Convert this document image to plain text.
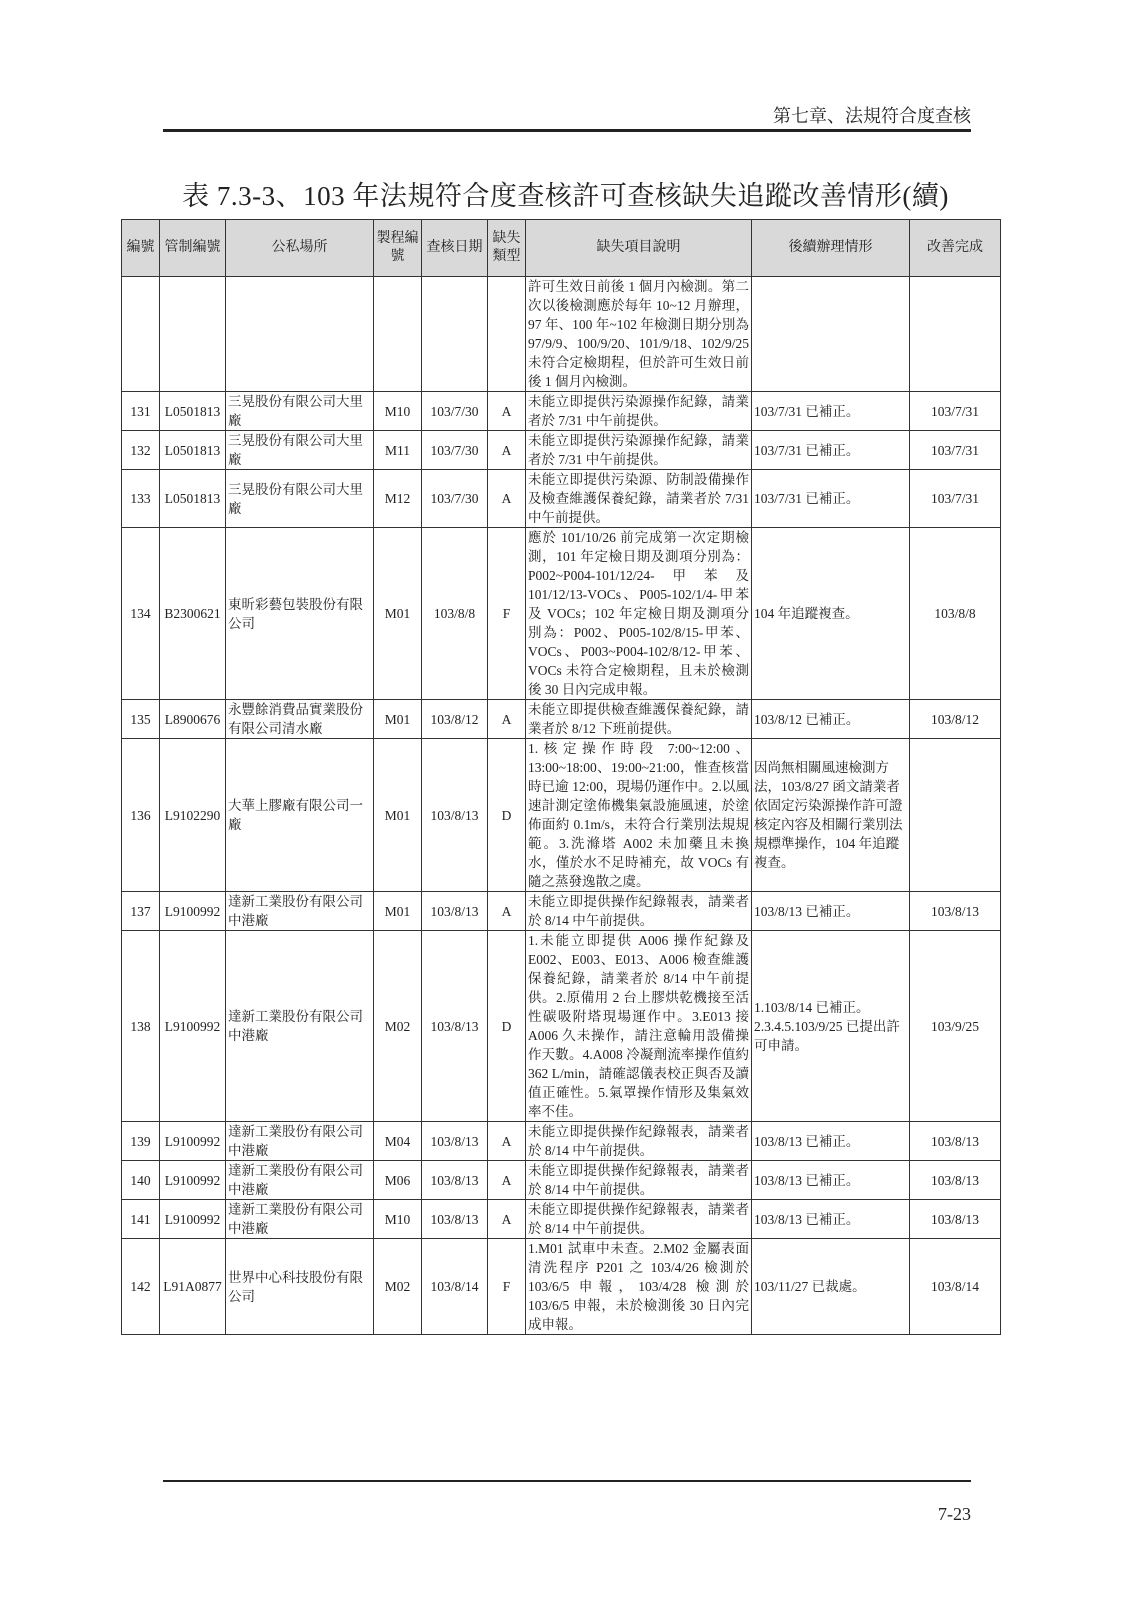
第七章、法規符合度查核
表 7.3-3、103 年法規符合度查核許可查核缺失追蹤改善情形(續)
編號	管制編號	公私場所	製程編號	查核日期	缺失類型	缺失項目說明	後續辦理情形	改善完成
						許可生效日前後 1 個月內檢測。第二次以後檢測應於每年 10~12 月辦理，97 年、100 年~102 年檢測日期分別為 97/9/9、100/9/20、101/9/18、102/9/25 未符合定檢期程，但於許可生效日前後 1 個月內檢測。		
131	L0501813	三晃股份有限公司大里廠	M10	103/7/30	A	未能立即提供污染源操作紀錄，請業者於 7/31 中午前提供。	103/7/31 已補正。	103/7/31
132	L0501813	三晃股份有限公司大里廠	M11	103/7/30	A	未能立即提供污染源操作紀錄，請業者於 7/31 中午前提供。	103/7/31 已補正。	103/7/31
133	L0501813	三晃股份有限公司大里廠	M12	103/7/30	A	未能立即提供污染源、防制設備操作及檢查維護保養紀錄，請業者於 7/31 中午前提供。	103/7/31 已補正。	103/7/31
134	B2300621	東昕彩藝包裝股份有限公司	M01	103/8/8	F	應於 101/10/26 前完成第一次定期檢測，101 年定檢日期及測項分別為：P002~P004-101/12/24-甲苯及 101/12/13-VOCs、P005-102/1/4-甲苯及 VOCs；102 年定檢日期及測項分別為：P002、P005-102/8/15-甲苯、VOCs、P003~P004-102/8/12-甲苯、VOCs 未符合定檢期程，且未於檢測後 30 日內完成申報。	104 年追蹤複查。	103/8/8
135	L8900676	永豐餘消費品實業股份有限公司清水廠	M01	103/8/12	A	未能立即提供檢查維護保養紀錄，請業者於 8/12 下班前提供。	103/8/12 已補正。	103/8/12
136	L9102290	大華上膠廠有限公司一廠	M01	103/8/13	D	1.核定操作時段 7:00~12:00、13:00~18:00、19:00~21:00，惟查核當時已逾 12:00，現場仍運作中。2.以風速計測定塗佈機集氣設施風速，於塗佈面約 0.1m/s，未符合行業別法規規範。3.洗滌塔 A002 未加藥且未換水，僅於水不足時補充，故 VOCs 有隨之蒸發逸散之虞。	因尚無相關風速檢測方法，103/8/27 函文請業者依固定污染源操作許可證核定內容及相關行業別法規標準操作，104 年追蹤複查。	
137	L9100992	達新工業股份有限公司中港廠	M01	103/8/13	A	未能立即提供操作紀錄報表，請業者於 8/14 中午前提供。	103/8/13 已補正。	103/8/13
138	L9100992	達新工業股份有限公司中港廠	M02	103/8/13	D	1.未能立即提供 A006 操作紀錄及 E002、E003、E013、A006 檢查維護保養紀錄，請業者於 8/14 中午前提供。2.原備用 2 台上膠烘乾機接至活性碳吸附塔現場運作中。3.E013 接 A006 久未操作，請注意輪用設備操作天數。4.A008 冷凝劑流率操作值約 362 L/min，請確認儀表校正與否及讀值正確性。5.氣罩操作情形及集氣效率不佳。	1.103/8/14 已補正。2.3.4.5.103/9/25 已提出許可申請。	103/9/25
139	L9100992	達新工業股份有限公司中港廠	M04	103/8/13	A	未能立即提供操作紀錄報表，請業者於 8/14 中午前提供。	103/8/13 已補正。	103/8/13
140	L9100992	達新工業股份有限公司中港廠	M06	103/8/13	A	未能立即提供操作紀錄報表，請業者於 8/14 中午前提供。	103/8/13 已補正。	103/8/13
141	L9100992	達新工業股份有限公司中港廠	M10	103/8/13	A	未能立即提供操作紀錄報表，請業者於 8/14 中午前提供。	103/8/13 已補正。	103/8/13
142	L91A0877	世界中心科技股份有限公司	M02	103/8/14	F	1.M01 試車中未查。2.M02 金屬表面清洗程序 P201 之 103/4/26 檢測於 103/6/5 申報，103/4/28 檢測於 103/6/5 申報，未於檢測後 30 日內完成申報。	103/11/27 已裁處。	103/8/14
7-23
